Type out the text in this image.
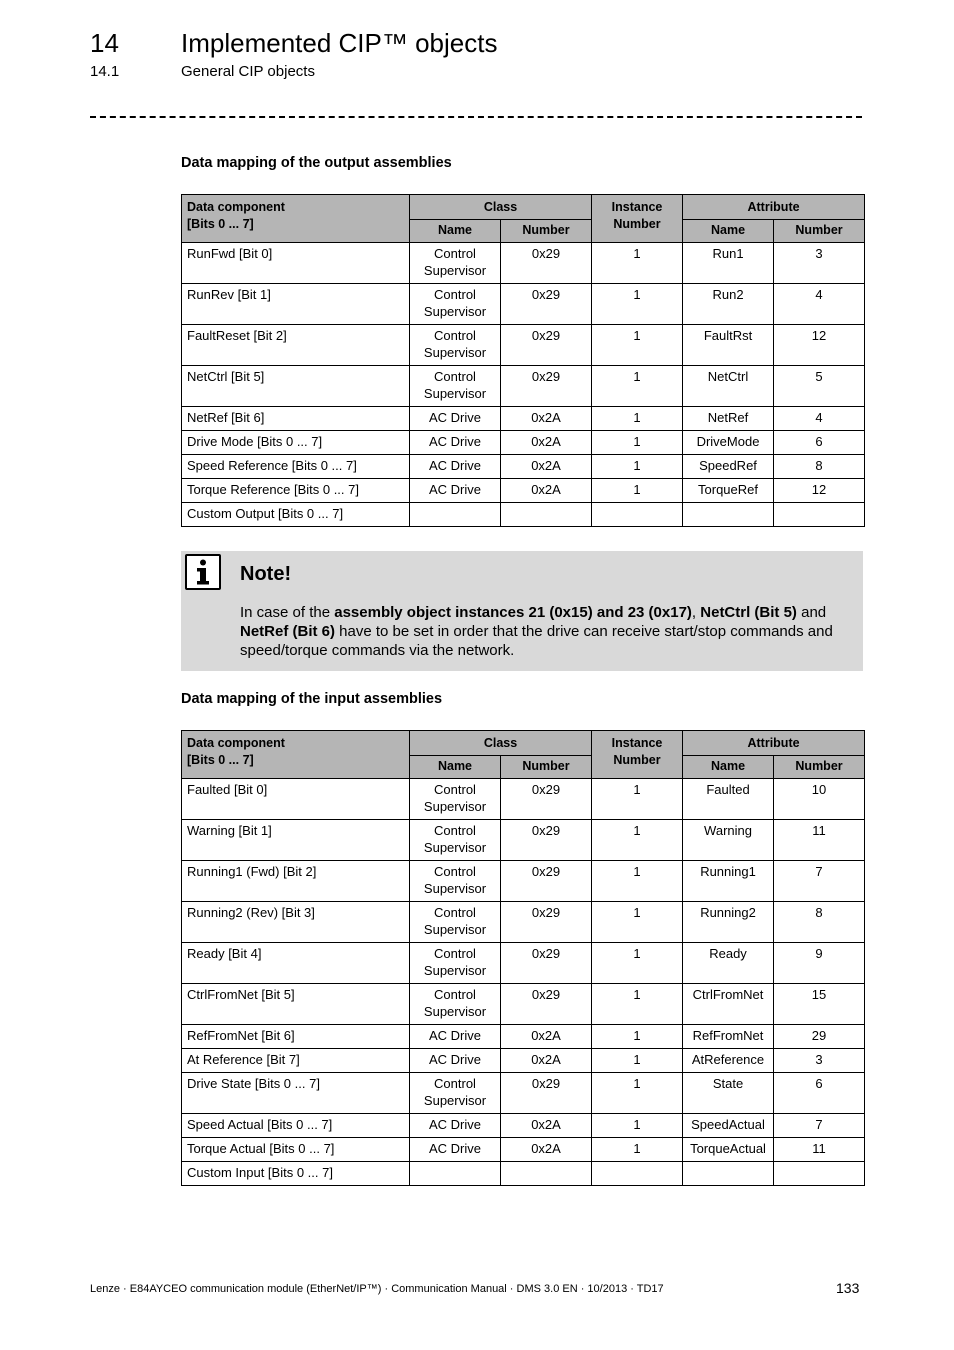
14 Implemented CIP™ objects
14.1	General CIP objects
Data mapping of the output assemblies
Data component
[Bits 0 ... 7]	Class		Instance
Number	Attribute	
	Name	Number		Name	Number
RunFwd [Bit 0]	Control
Supervisor	0x29	1	Run1	3
RunRev [Bit 1]	Control
Supervisor	0x29	1	Run2	4
FaultReset [Bit 2]	Control
Supervisor	0x29	1	FaultRst	12
NetCtrl [Bit 5]	Control
Supervisor	0x29	1	NetCtrl	5
NetRef [Bit 6]	AC Drive	0x2A	1	NetRef	4
Drive Mode [Bits 0 ... 7]	AC Drive	0x2A	1	DriveMode	6
Speed Reference [Bits 0 ... 7]	AC Drive	0x2A	1	SpeedRef	8
Torque Reference [Bits 0 ... 7]	AC Drive	0x2A	1	TorqueRef	12
Custom Output [Bits 0 ... 7]					
Note!
In case of the assembly object instances 21 (0x15) and 23 (0x17), NetCtrl (Bit 5) and NetRef (Bit 6) have to be set in order that the drive can receive start/stop commands and speed/torque commands via the network.
Data mapping of the input assemblies
Data component
[Bits 0 ... 7]	Class		Instance
Number	Attribute	
	Name	Number		Name	Number
Faulted [Bit 0]	Control
Supervisor	0x29	1	Faulted	10
Warning [Bit 1]	Control
Supervisor	0x29	1	Warning	11
Running1 (Fwd) [Bit 2]	Control
Supervisor	0x29	1	Running1	7
Running2 (Rev) [Bit 3]	Control
Supervisor	0x29	1	Running2	8
Ready [Bit 4]	Control
Supervisor	0x29	1	Ready	9
CtrlFromNet [Bit 5]	Control
Supervisor	0x29	1	CtrlFromNet	15
RefFromNet [Bit 6]	AC Drive	0x2A	1	RefFromNet	29
At Reference [Bit 7]	AC Drive	0x2A	1	AtReference	3
Drive State [Bits 0 ... 7]	Control
Supervisor	0x29	1	State	6
Speed Actual [Bits 0 ... 7]	AC Drive	0x2A	1	SpeedActual	7
Torque Actual [Bits 0 ... 7]	AC Drive	0x2A	1	TorqueActual	11
Custom Input [Bits 0 ... 7]					
Lenze · E84AYCEO communication module (EtherNet/IP™) · Communication Manual · DMS 3.0 EN · 10/2013 · TD17	133
